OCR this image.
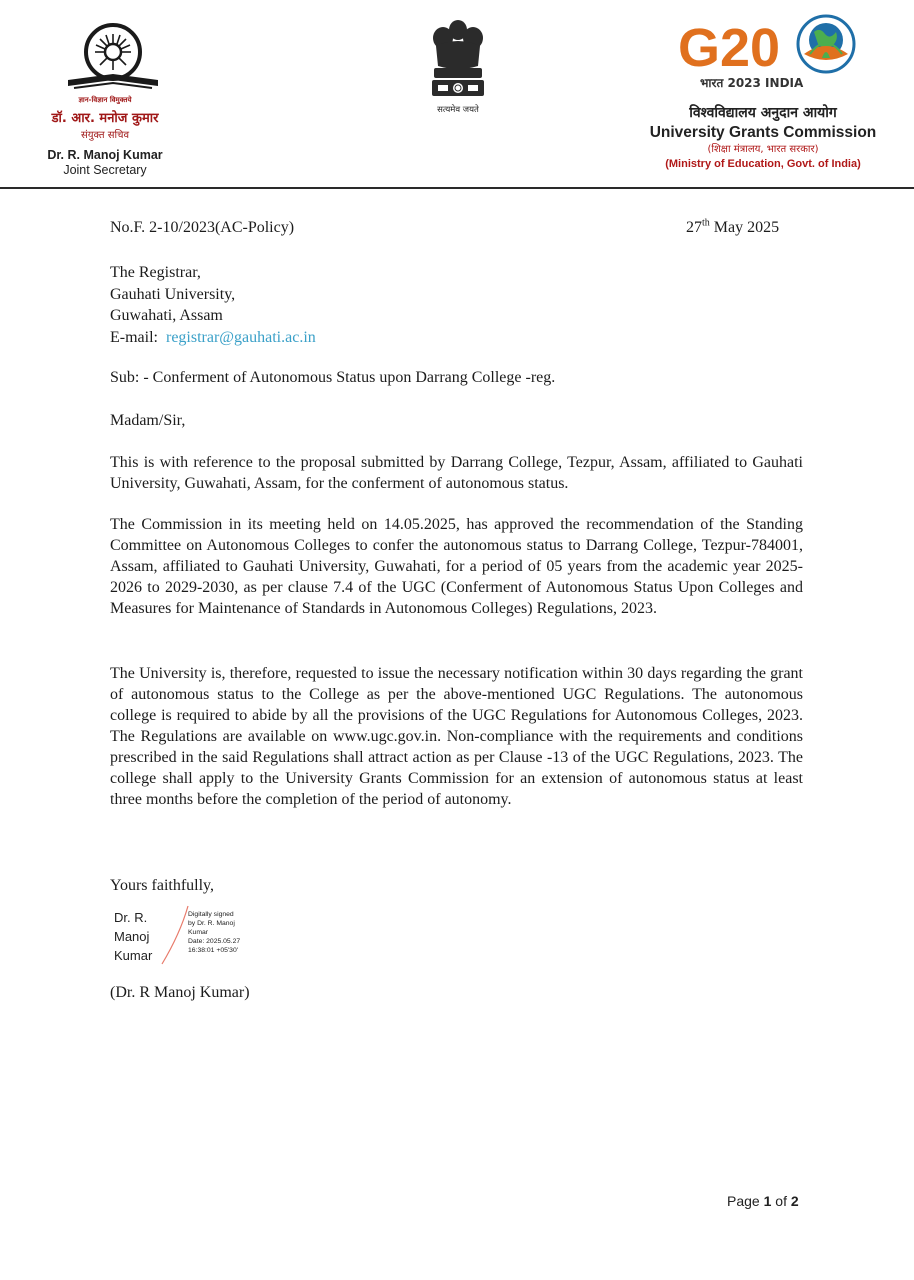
ज्ञान-विज्ञान विमुक्तये
डॉ. आर. मनोज कुमार
संयुक्त सचिव
Dr. R. Manoj Kumar
Joint Secretary
सत्यमेव जयते
G20
भारत 2023 INDIA
विश्वविद्यालय अनुदान आयोग
University Grants Commission
(शिक्षा मंत्रालय, भारत सरकार)
(Ministry of Education, Govt. of India)
No.F. 2-10/2023(AC-Policy)	27th May 2025
The Registrar,
Gauhati University,
Guwahati, Assam
E-mail:  registrar@gauhati.ac.in
Sub: - Conferment of Autonomous Status upon Darrang College -reg.
Madam/Sir,
This is with reference to the proposal submitted by Darrang College, Tezpur, Assam, affiliated to Gauhati University, Guwahati, Assam, for the conferment of autonomous status.
The Commission in its meeting held on 14.05.2025, has approved the recommendation of the Standing Committee on Autonomous Colleges to confer the autonomous status to Darrang College, Tezpur-784001, Assam, affiliated to Gauhati University, Guwahati, for a period of 05 years from the academic year 2025-2026 to 2029-2030, as per clause 7.4 of the UGC (Conferment of Autonomous Status Upon Colleges and Measures for Maintenance of Standards in Autonomous Colleges) Regulations, 2023.
The University is, therefore, requested to issue the necessary notification within 30 days regarding the grant of autonomous status to the College as per the above-mentioned UGC Regulations. The autonomous college is required to abide by all the provisions of the UGC Regulations for Autonomous Colleges, 2023. The Regulations are available on www.ugc.gov.in. Non-compliance with the requirements and conditions prescribed in the said Regulations shall attract action as per Clause -13 of the UGC Regulations, 2023. The college shall apply to the University Grants Commission for an extension of autonomous status at least three months before the completion of the period of autonomy.
Yours faithfully,
Dr. R.
Manoj
Kumar
Digitally signed
by Dr. R. Manoj
Kumar
Date: 2025.05.27
16:38:01 +05'30'
(Dr. R Manoj Kumar)
Page 1 of 2
